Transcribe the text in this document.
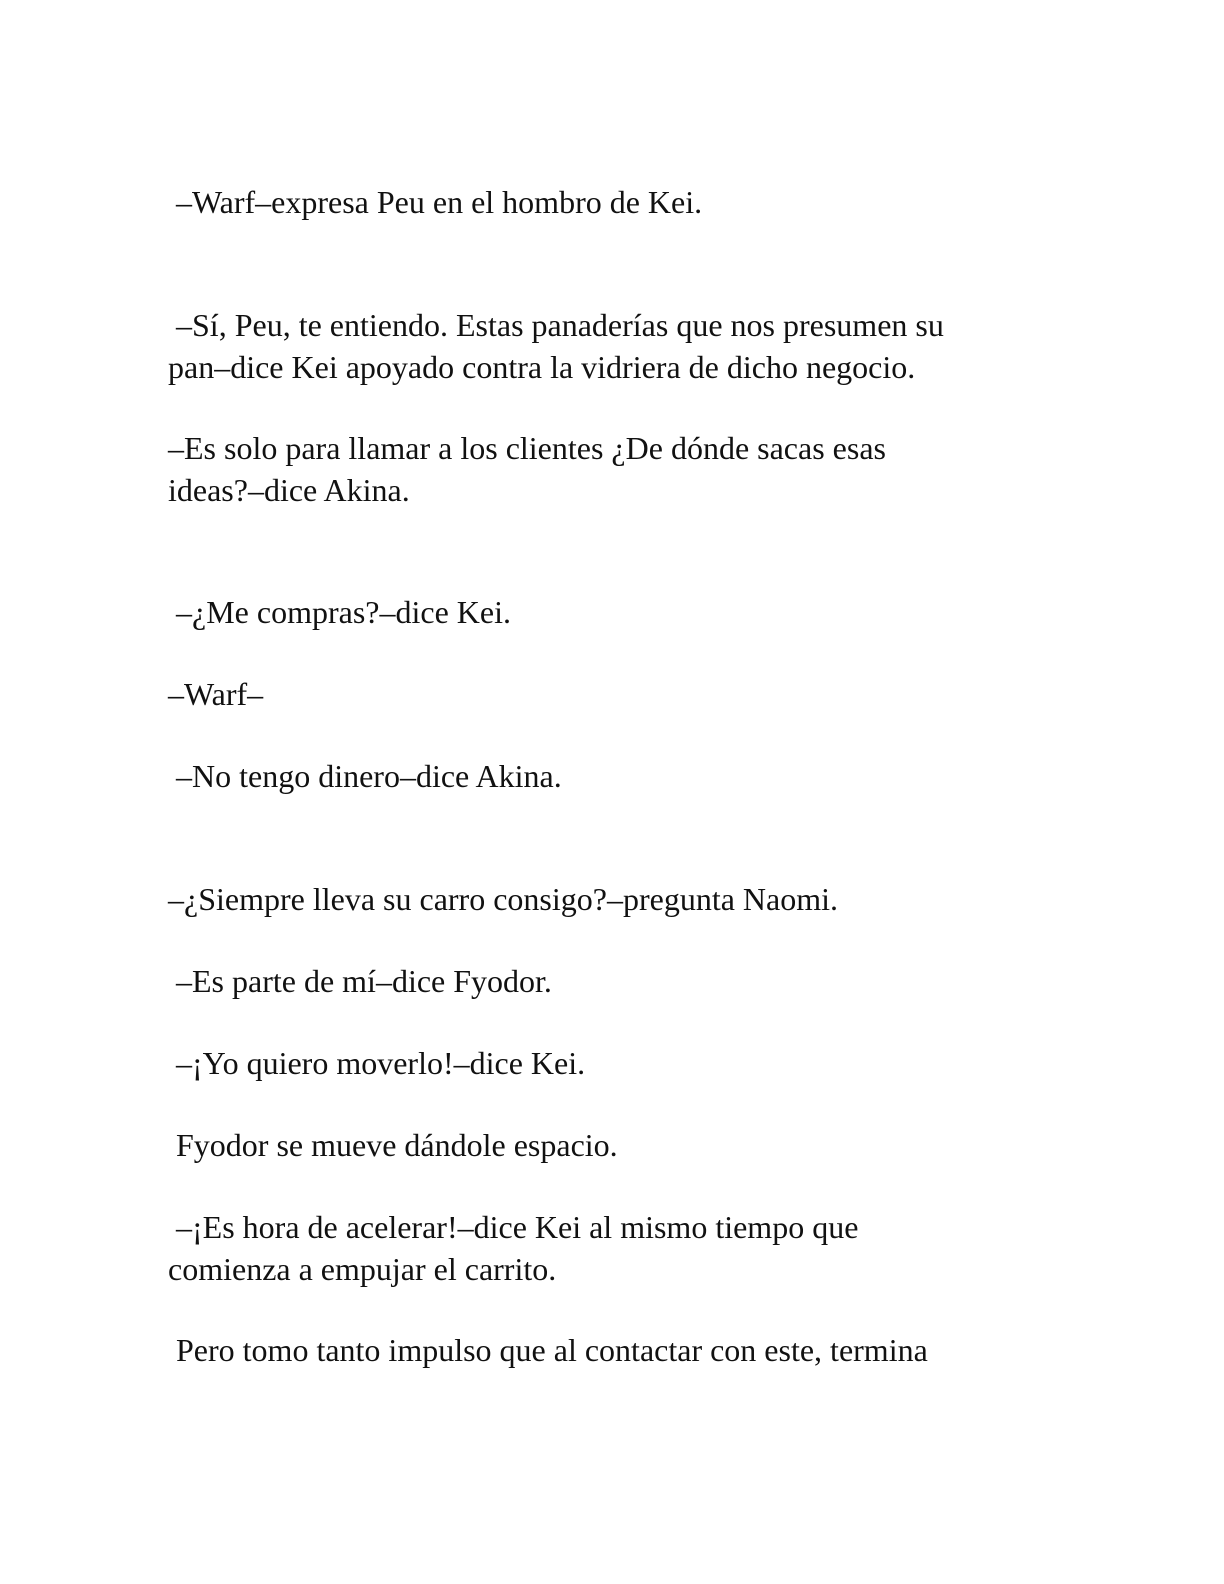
–Warf–expresa Peu en el hombro de Kei.

–Sí, Peu, te entiendo. Estas panaderías que nos presumen su
pan–dice Kei apoyado contra la vidriera de dicho negocio.

–Es solo para llamar a los clientes ¿De dónde sacas esas
ideas?–dice Akina.

–¿Me compras?–dice Kei.

–Warf–

–No tengo dinero–dice Akina.

–¿Siempre lleva su carro consigo?–pregunta Naomi.

–Es parte de mí–dice Fyodor.

–¡Yo quiero moverlo!–dice Kei.

Fyodor se mueve dándole espacio.

–¡Es hora de acelerar!–dice Kei al mismo tiempo que
comienza a empujar el carrito.

Pero tomo tanto impulso que al contactar con este, termina
